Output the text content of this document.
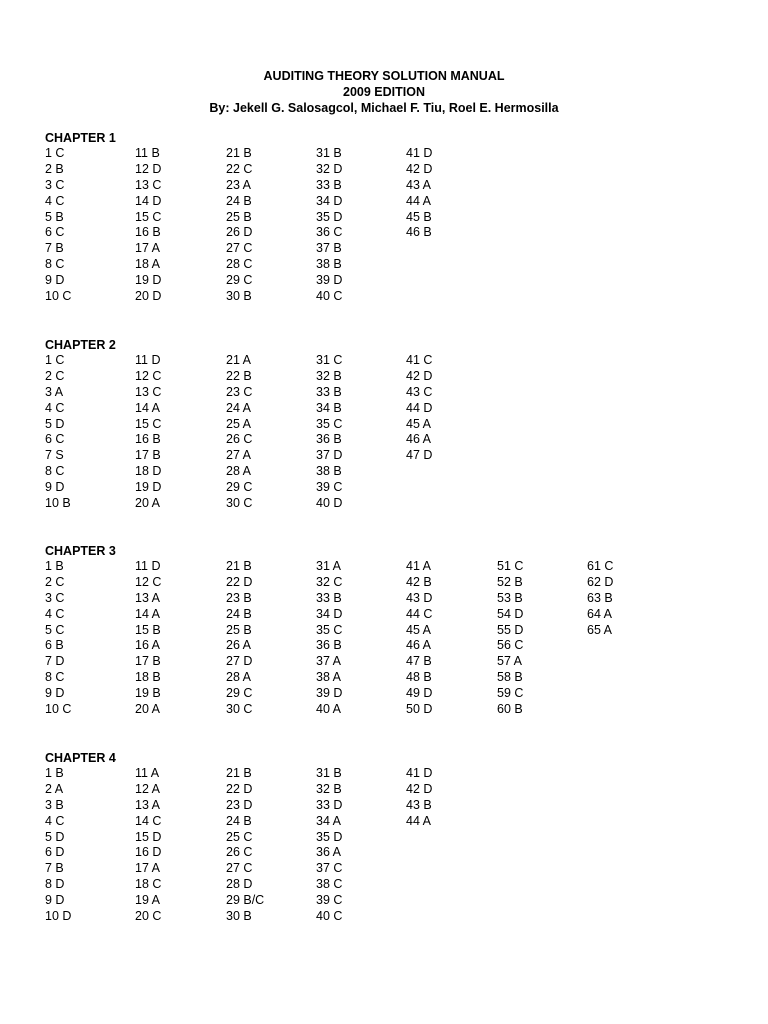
AUDITING THEORY SOLUTION MANUAL
2009 EDITION
By: Jekell G. Salosagcol, Michael F. Tiu, Roel E. Hermosilla
CHAPTER 1
1 C
2 B
3 C
4 C
5 B
6 C
7 B
8 C
9 D
10 C
11 B
12 D
13 C
14 D
15 C
16 B
17 A
18 A
19 D
20 D
21 B
22 C
23 A
24 B
25 B
26 D
27 C
28 C
29 C
30 B
31 B
32 D
33 B
34 D
35 D
36 C
37 B
38 B
39 D
40 C
41 D
42 D
43 A
44 A
45 B
46 B
CHAPTER 2
1 C
2 C
3 A
4 C
5 D
6 C
7 S
8 C
9 D
10 B
11 D
12 C
13 C
14 A
15 C
16 B
17 B
18 D
19 D
20 A
21 A
22 B
23 C
24 A
25 A
26 C
27 A
28 A
29 C
30 C
31 C
32 B
33 B
34 B
35 C
36 B
37 D
38 B
39 C
40 D
41 C
42 D
43 C
44 D
45 A
46 A
47 D
CHAPTER 3
1 B
2 C
3 C
4 C
5 C
6 B
7 D
8 C
9 D
10 C
11 D
12 C
13 A
14 A
15 B
16 A
17 B
18 B
19 B
20 A
21 B
22 D
23 B
24 B
25 B
26 A
27 D
28 A
29 C
30 C
31 A
32 C
33 B
34 D
35 C
36 B
37 A
38 A
39 D
40 A
41 A
42 B
43 D
44 C
45 A
46 A
47 B
48 B
49 D
50 D
51 C
52 B
53 B
54 D
55 D
56 C
57 A
58 B
59 C
60 B
61 C
62 D
63 B
64 A
65 A
CHAPTER 4
1 B
2 A
3 B
4 C
5 D
6 D
7 B
8 D
9 D
10 D
11 A
12 A
13 A
14 C
15 D
16 D
17 A
18 C
19 A
20 C
21 B
22 D
23 D
24 B
25 C
26 C
27 C
28 D
29 B/C
30 B
31 B
32 B
33 D
34 A
35 D
36 A
37 C
38 C
39 C
40 C
41 D
42 D
43 B
44 A
